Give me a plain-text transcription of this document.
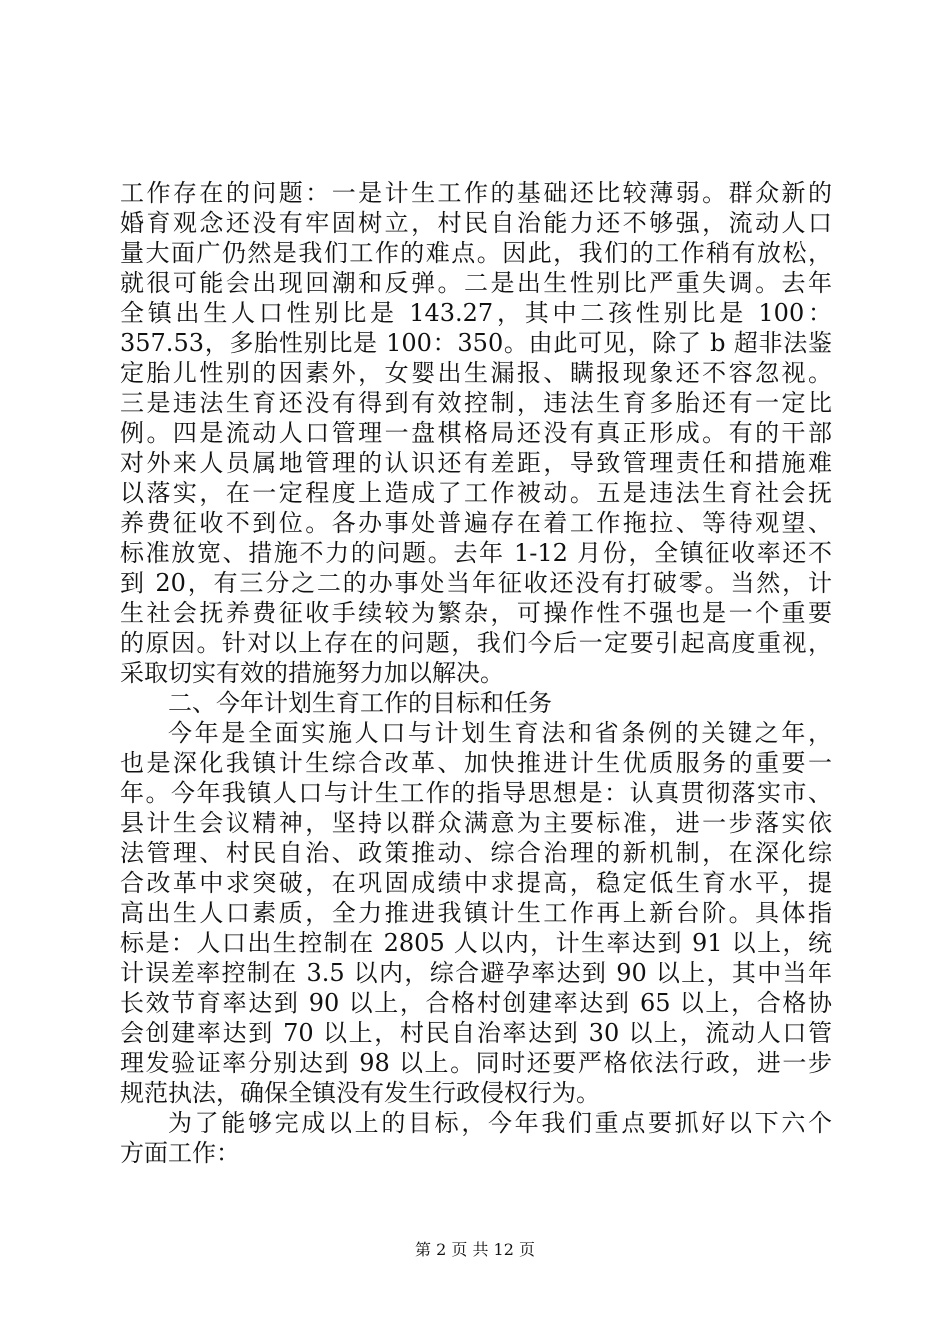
工作存在的问题：一是计生工作的基础还比较薄弱。群众新的
婚育观念还没有牢固树立，村民自治能力还不够强，流动人口
量大面广仍然是我们工作的难点。因此，我们的工作稍有放松，
就很可能会出现回潮和反弹。二是出生性别比严重失调。去年
全镇出生人口性别比是 143.27，其中二孩性别比是 100：
357.53，多胎性别比是 100：350。由此可见，除了 b 超非法鉴
定胎儿性别的因素外，女婴出生漏报、瞒报现象还不容忽视。
三是违法生育还没有得到有效控制，违法生育多胎还有一定比
例。四是流动人口管理一盘棋格局还没有真正形成。有的干部
对外来人员属地管理的认识还有差距，导致管理责任和措施难
以落实，在一定程度上造成了工作被动。五是违法生育社会抚
养费征收不到位。各办事处普遍存在着工作拖拉、等待观望、
标准放宽、措施不力的问题。去年 1-12 月份，全镇征收率还不
到 20，有三分之二的办事处当年征收还没有打破零。当然，计
生社会抚养费征收手续较为繁杂，可操作性不强也是一个重要
的原因。针对以上存在的问题，我们今后一定要引起高度重视，
采取切实有效的措施努力加以解决。
二、今年计划生育工作的目标和任务
今年是全面实施人口与计划生育法和省条例的关键之年，
也是深化我镇计生综合改革、加快推进计生优质服务的重要一
年。今年我镇人口与计生工作的指导思想是：认真贯彻落实市、
县计生会议精神，坚持以群众满意为主要标准，进一步落实依
法管理、村民自治、政策推动、综合治理的新机制，在深化综
合改革中求突破，在巩固成绩中求提高，稳定低生育水平，提
高出生人口素质，全力推进我镇计生工作再上新台阶。具体指
标是：人口出生控制在 2805 人以内，计生率达到 91 以上，统
计误差率控制在 3.5 以内，综合避孕率达到 90 以上，其中当年
长效节育率达到 90 以上，合格村创建率达到 65 以上，合格协
会创建率达到 70 以上，村民自治率达到 30 以上，流动人口管
理发验证率分别达到 98 以上。同时还要严格依法行政，进一步
规范执法，确保全镇没有发生行政侵权行为。
为了能够完成以上的目标，今年我们重点要抓好以下六个
方面工作：
第 2 页 共 12 页
